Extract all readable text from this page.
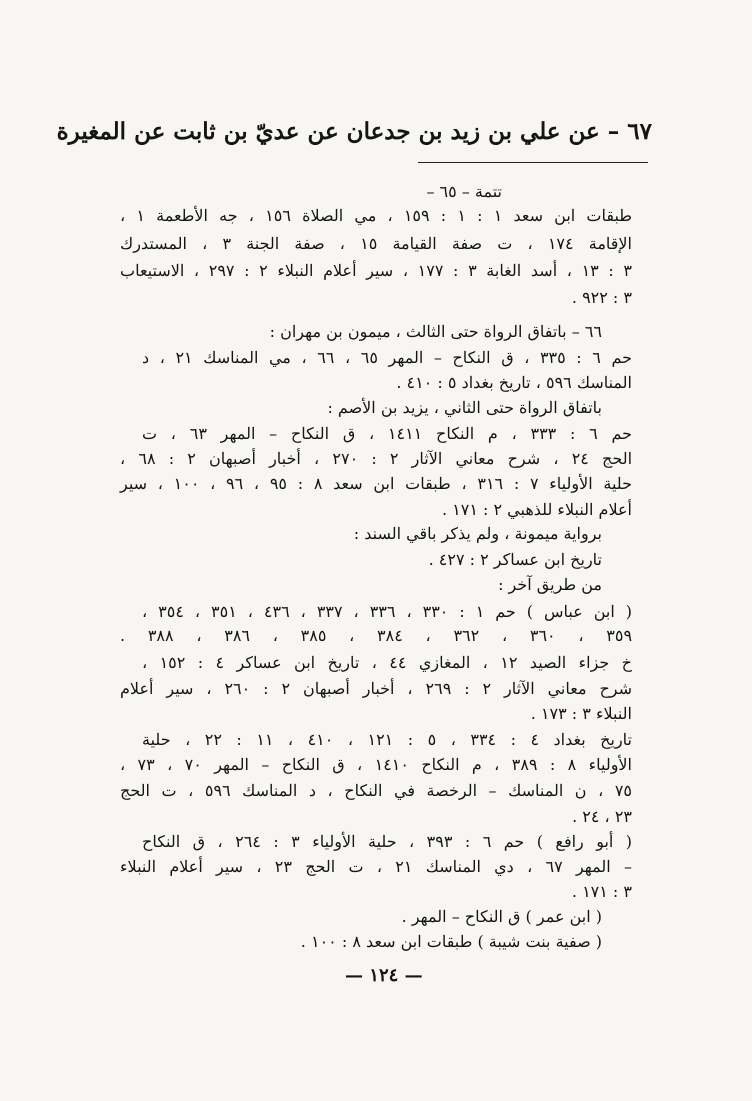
٦٧ – عن علي بن زيد بن جدعان عن عديّ بن ثابت عن المغيرة
تتمة – ٦٥ –
طبقات ابن سعد ١ : ١ : ١٥٩ ، مي الصلاة ١٥٦ ، جه الأطعمة ١ ،
الإقامة ١٧٤ ، ت صفة القيامة ١٥ ، صفة الجنة ٣ ، المستدرك
٣ : ١٣ ، أسد الغابة ٣ : ١٧٧ ، سير أعلام النبلاء ٢ : ٢٩٧ ، الاستيعاب
٣ : ٩٢٢ .
٦٦ – باتفاق الرواة حتى الثالث ، ميمون بن مهران :
حم ٦ : ٣٣٥ ، ق النكاح – المهر ٦٥ ، ٦٦ ، مي المناسك ٢١ ، د
المناسك ٥٩٦ ، تاريخ بغداد ٥ : ٤١٠ .
باتفاق الرواة حتى الثاني ، يزيد بن الأصم :
حم ٦ : ٣٣٣ ، م النكاح ١٤١١ ، ق النكاح – المهر ٦٣ ، ت
الحج ٢٤ ، شرح معاني الآثار ٢ : ٢٧٠ ، أخبار أصبهان ٢ : ٦٨ ،
حلية الأولياء ٧ : ٣١٦ ، طبقات ابن سعد ٨ : ٩٥ ، ٩٦ ، ١٠٠ ، سير
أعلام النبلاء للذهبي ٢ : ١٧١ .
برواية ميمونة ، ولم يذكر باقي السند :
تاريخ ابن عساكر ٢ : ٤٢٧ .
من طريق آخر :
( ابن عباس ) حم ١ : ٣٣٠ ، ٣٣٦ ، ٣٣٧ ، ٤٣٦ ، ٣٥١ ، ٣٥٤ ،
٣٥٩ ، ٣٦٠ ، ٣٦٢ ، ٣٨٤ ، ٣٨٥ ، ٣٨٦ ، ٣٨٨ .
خ جزاء الصيد ١٢ ، المغازي ٤٤ ، تاريخ ابن عساكر ٤ : ١٥٢ ،
شرح معاني الآثار ٢ : ٢٦٩ ، أخبار أصبهان ٢ : ٢٦٠ ، سير أعلام
النبلاء ٣ : ١٧٣ .
تاريخ بغداد ٤ : ٣٣٤ ، ٥ : ١٢١ ، ٤١٠ ، ١١ : ٢٢ ، حلية
الأولياء ٨ : ٣٨٩ ، م النكاح ١٤١٠ ، ق النكاح – المهر ٧٠ ، ٧٣ ،
٧٥ ، ن المناسك – الرخصة في النكاح ، د المناسك ٥٩٦ ، ت الحج
٢٣ ، ٢٤ .
( أبو رافع ) حم ٦ : ٣٩٣ ، حلية الأولياء ٣ : ٢٦٤ ، ق النكاح
– المهر ٦٧ ، دي المناسك ٢١ ، ت الحج ٢٣ ، سير أعلام النبلاء
٣ : ١٧١ .
( ابن عمر ) ق النكاح – المهر .
( صفية بنت شيبة ) طبقات ابن سعد ٨ : ١٠٠ .
— ١٢٤ —
